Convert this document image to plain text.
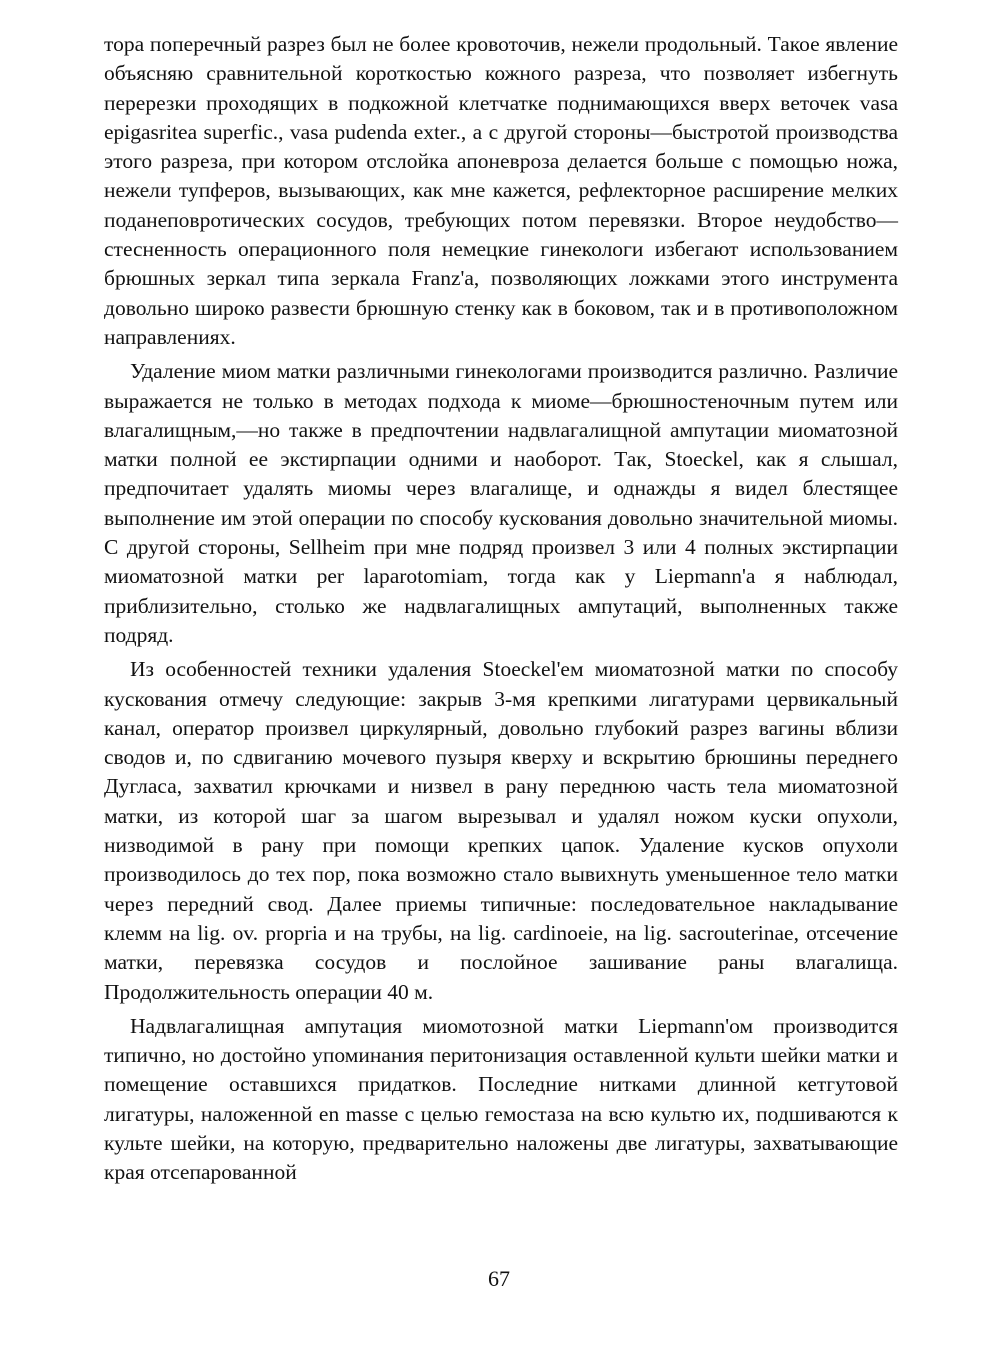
тора поперечный разрез был не более кровоточив, нежели продольный. Такое явление объясняю сравнительной короткостью кожного разреза, что позволяет избегнуть перерезки проходящих в подкожной клетчатке поднимающихся вверх веточек vasa epigasritea superfic., vasa pudenda exter., а с другой стороны—быстротой производства этого разреза, при котором отслойка апоневроза делается больше с помощью ножа, нежели тупферов, вызывающих, как мне кажется, рефлекторное расширение мелких поданеповротических сосудов, требующих потом перевязки. Второе неудобство—стесненность операционного поля немецкие гинекологи избегают использованием брюшных зеркал типа зеркала Franz'a, позволяющих ложками этого инструмента довольно широко развести брюшную стенку как в боковом, так и в противоположном направлениях.

Удаление миом матки различными гинекологами производится различно. Различие выражается не только в методах подхода к миоме—брюшностеночным путем или влагалищным,—но также в предпочтении надвлагалищной ампутации миоматозной матки полной ее экстирпации одними и наоборот. Так, Stoeckel, как я слышал, предпочитает удалять миомы через влагалище, и однажды я видел блестящее выполнение им этой операции по способу кускования довольно значительной миомы. С другой стороны, Sellheim при мне подряд произвел 3 или 4 полных экстирпации миоматозной матки per laparotomiam, тогда как у Liepmann'a я наблюдал, приблизительно, столько же надвлагалищных ампутаций, выполненных также подряд.

Из особенностей техники удаления Stoeckel'ем миоматозной матки по способу кускования отмечу следующие: закрыв 3-мя крепкими лигатурами цервикальный канал, оператор произвел циркулярный, довольно глубокий разрез вагины вблизи сводов и, по сдвиганию мочевого пузыря кверху и вскрытию брюшины переднего Дугласа, захватил крючками и низвел в рану переднюю часть тела миоматозной матки, из которой шаг за шагом вырезывал и удалял ножом куски опухоли, низводимой в рану при помощи крепких цапок. Удаление кусков опухоли производилось до тех пор, пока возможно стало вывихнуть уменьшенное тело матки через передний свод. Далее приемы типичные: последовательное накладывание клемм на lig. ov. proрria и на трубы, на lig. cardinoeie, на lig. sacrouterinae, отсечение матки, перевязка сосудов и послойное зашивание раны влагалища. Продолжительность операции 40 м.

Надвлагалищная ампутация миомотозной матки Liepmann'ом производится типично, но достойно упоминания перитонизация оставленной культи шейки матки и помещение оставшихся придатков. Последние нитками длинной кетгутовой лигатуры, наложенной en masse с целью гемостаза на всю культю их, подшиваются к культе шейки, на которую, предварительно наложены две лигатуры, захватывающие края отсепарованной

67
